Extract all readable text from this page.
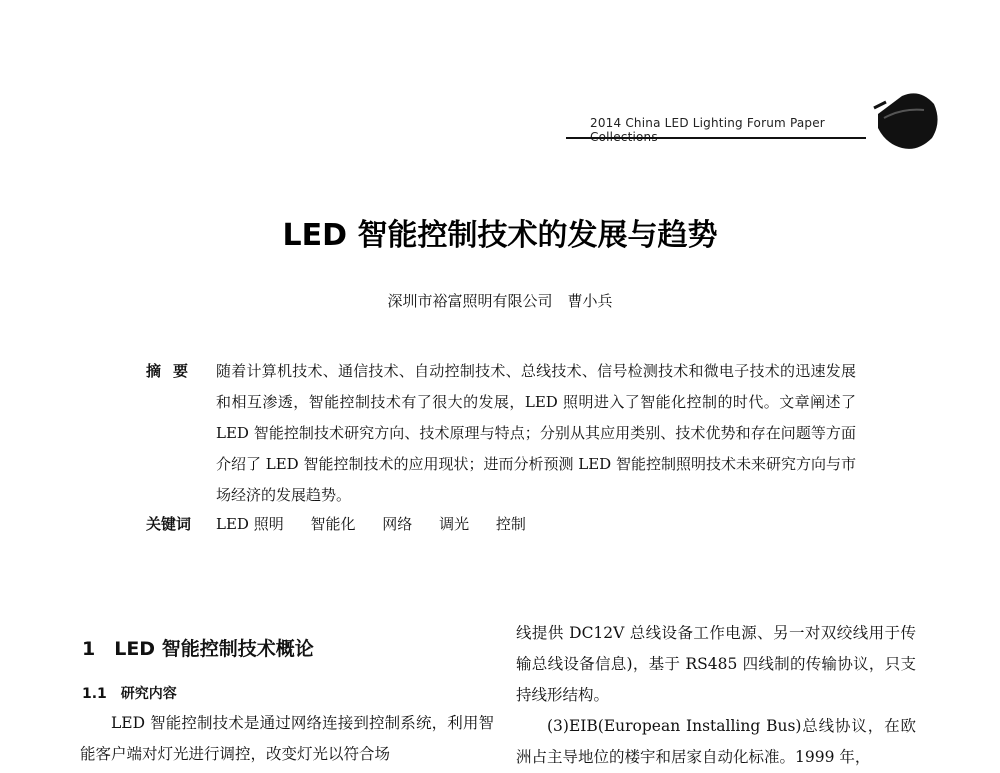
2014 China LED Lighting Forum Paper
LED 智能控制技术的发展与趋势
深圳市裕富照明有限公司　曹小兵
摘要 随着计算机技术、通信技术、自动控制技术、总线技术、信号检测技术和微电子技术的迅速发展和相互渗透，智能控制技术有了很大的发展，LED 照明进入了智能化控制的时代。文章阐述了 LED 智能控制技术研究方向、技术原理与特点；分别从其应用类别、技术优势和存在问题等方面介绍了 LED 智能控制技术的应用现状；进而分析预测 LED 智能控制照明技术未来研究方向与市场经济的发展趋势。

关键词 LED 照明 智能化 网络 调光 控制
1　LED 智能控制技术概论
1.1　研究内容

LED 智能控制技术是通过网络连接到控制系统，利用智能客户端对灯光进行调控，改变灯光以符合场

线提供 DC12V 总线设备工作电源、另一对双绞线用于传输总线设备信息)，基于 RS485 四线制的传输协议，只支持线形结构。

(3)EIB(European Installing Bus)总线协议，在欧洲占主导地位的楼宇和居家自动化标准。1999 年，
